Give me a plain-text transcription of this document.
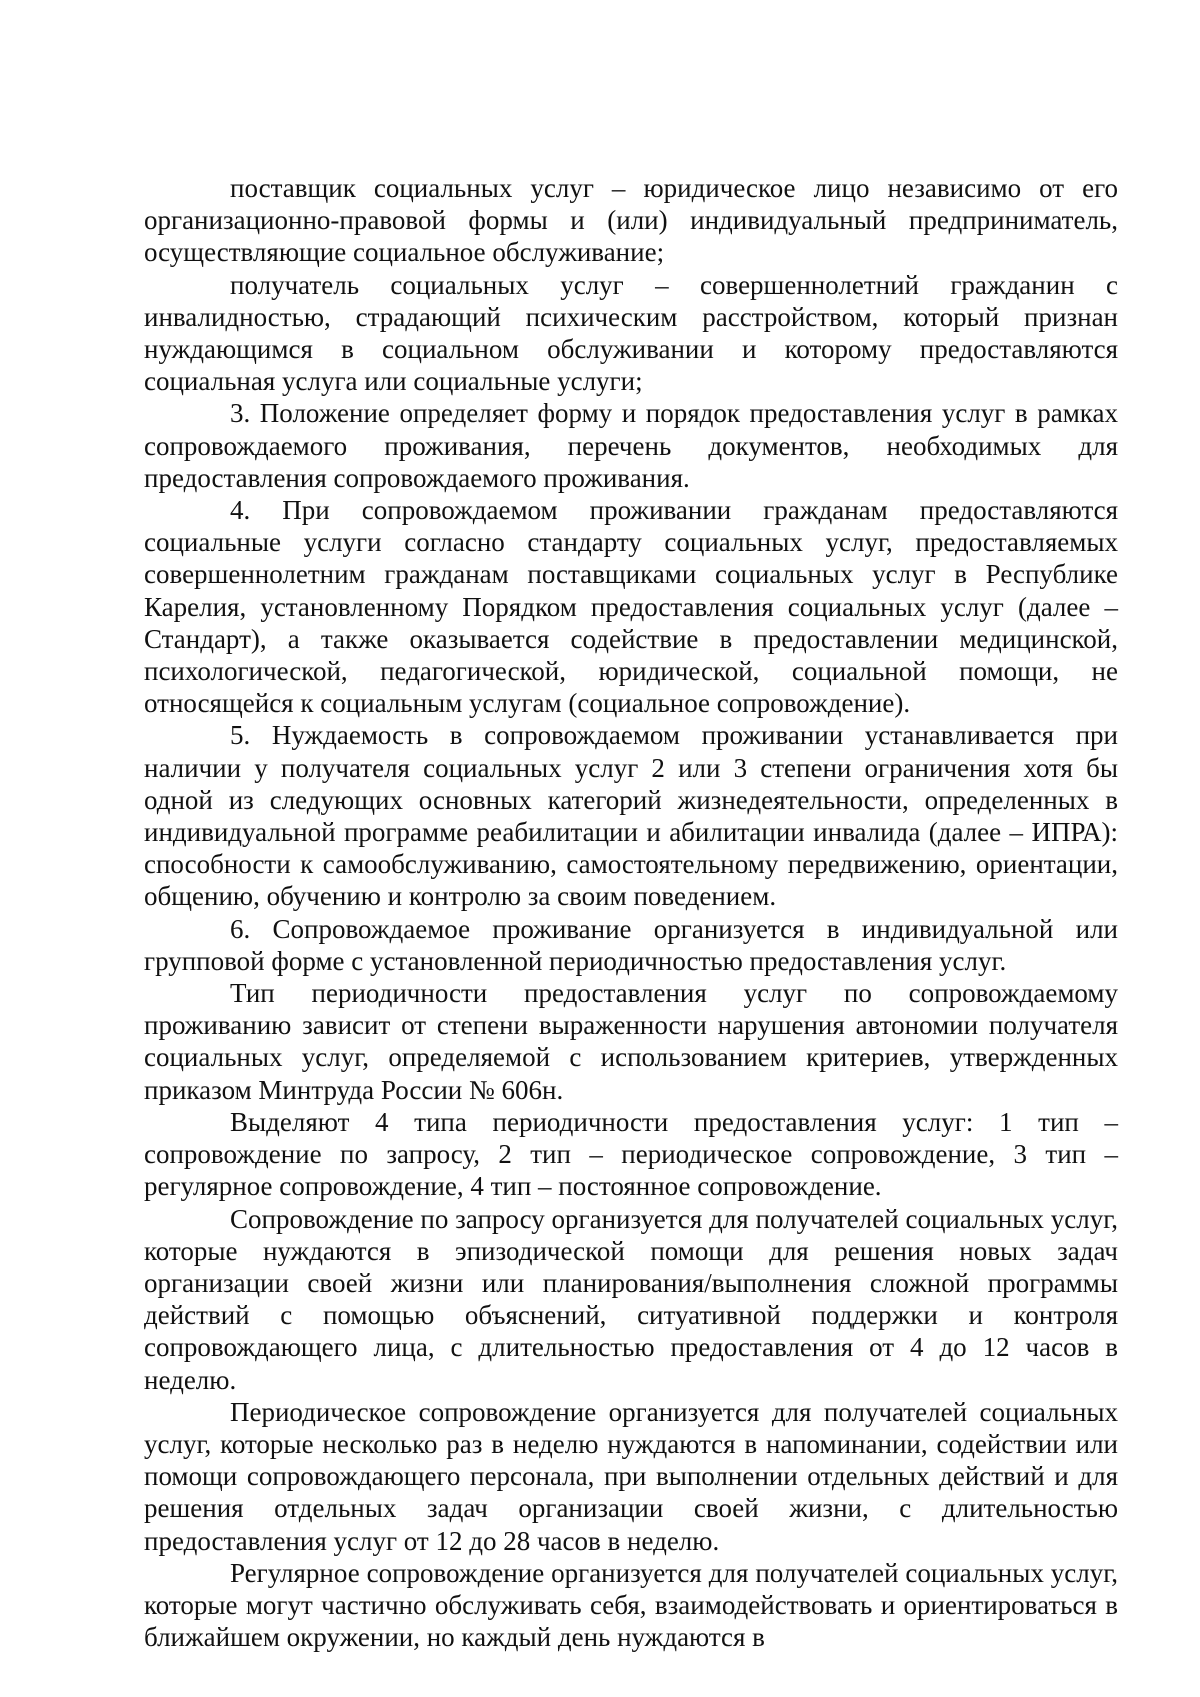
поставщик социальных услуг – юридическое лицо независимо от его организационно-правовой формы и (или) индивидуальный предприниматель, осуществляющие социальное обслуживание;

получатель социальных услуг – совершеннолетний гражданин с инвалидностью, страдающий психическим расстройством, который признан нуждающимся в социальном обслуживании и которому предоставляются социальная услуга или социальные услуги;

3. Положение определяет форму и порядок предоставления услуг в рамках сопровождаемого проживания, перечень документов, необходимых для предоставления сопровождаемого проживания.

4. При сопровождаемом проживании гражданам предоставляются социальные услуги согласно стандарту социальных услуг, предоставляемых совершеннолетним гражданам поставщиками социальных услуг в Республике Карелия, установленному Порядком предоставления социальных услуг (далее – Стандарт), а также оказывается содействие в предоставлении медицинской, психологической, педагогической, юридической, социальной помощи, не относящейся к социальным услугам (социальное сопровождение).

5. Нуждаемость в сопровождаемом проживании устанавливается при наличии у получателя социальных услуг 2 или 3 степени ограничения хотя бы одной из следующих основных категорий жизнедеятельности, определенных в индивидуальной программе реабилитации и абилитации инвалида (далее – ИПРА): способности к самообслуживанию, самостоятельному передвижению, ориентации, общению, обучению и контролю за своим поведением.

6. Сопровождаемое проживание организуется в индивидуальной или групповой форме с установленной периодичностью предоставления услуг.

Тип периодичности предоставления услуг по сопровождаемому проживанию зависит от степени выраженности нарушения автономии получателя социальных услуг, определяемой с использованием критериев, утвержденных приказом Минтруда России № 606н.

Выделяют 4 типа периодичности предоставления услуг: 1 тип – сопровождение по запросу, 2 тип – периодическое сопровождение, 3 тип – регулярное сопровождение, 4 тип – постоянное сопровождение.

Сопровождение по запросу организуется для получателей социальных услуг, которые нуждаются в эпизодической помощи для решения новых задач организации своей жизни или планирования/выполнения сложной программы действий с помощью объяснений, ситуативной поддержки и контроля сопровождающего лица, с длительностью предоставления от 4 до 12 часов в неделю.

Периодическое сопровождение организуется для получателей социальных услуг, которые несколько раз в неделю нуждаются в напоминании, содействии или помощи сопровождающего персонала, при выполнении отдельных действий и для решения отдельных задач организации своей жизни, с длительностью предоставления услуг от 12 до 28 часов в неделю.

Регулярное сопровождение организуется для получателей социальных услуг, которые могут частично обслуживать себя, взаимодействовать и ориентироваться в ближайшем окружении, но каждый день нуждаются в
